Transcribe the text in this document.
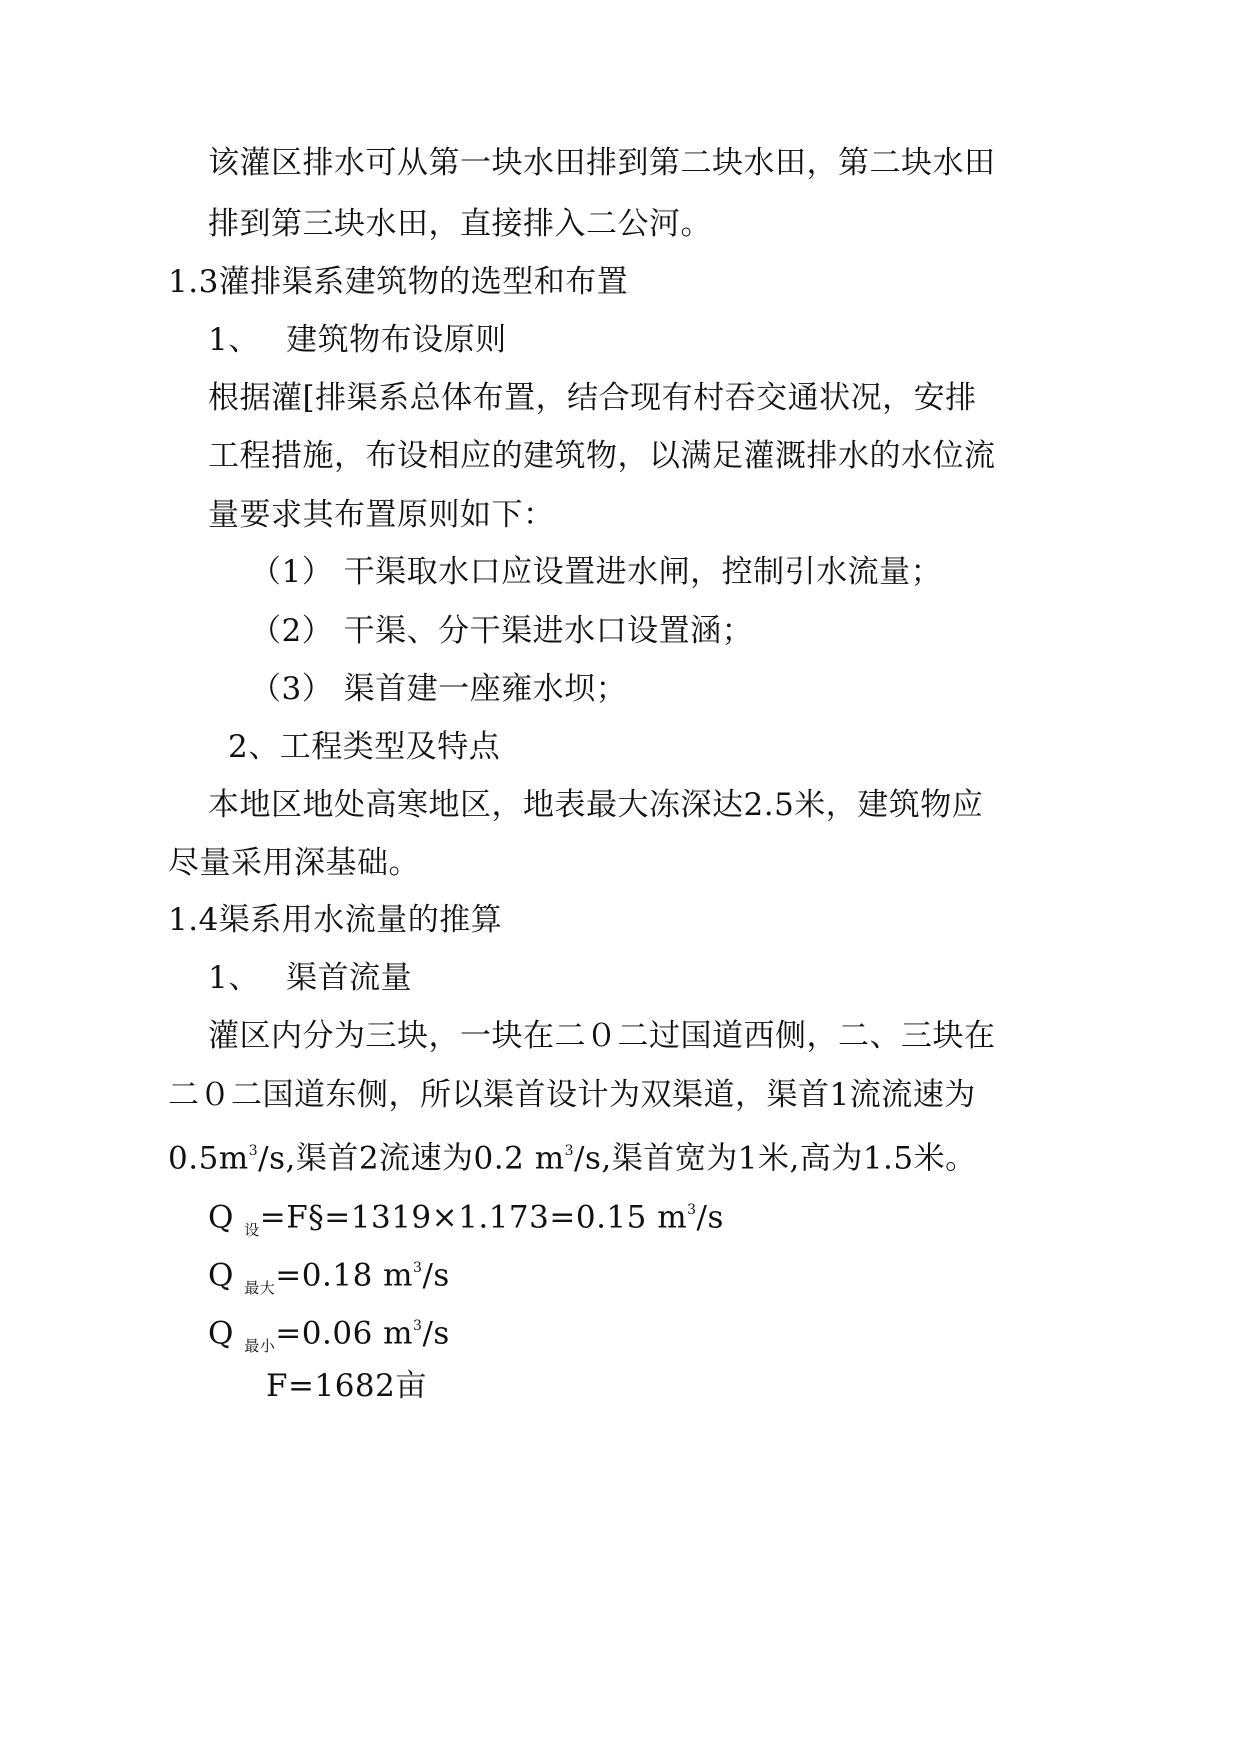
该灌区排水可从第一块水田排到第二块水田，第二块水田
排到第三块水田，直接排入二公河。
1.3灌排渠系建筑物的选型和布置
1、　 建筑物布设原则
根据灌[排渠系总体布置，结合现有村吞交通状况，安排
工程措施，布设相应的建筑物，以满足灌溉排水的水位流
量要求其布置原则如下：
（1） 干渠取水口应设置进水闸，控制引水流量；
（2） 干渠、分干渠进水口设置涵；
（3） 渠首建一座雍水坝；
2、工程类型及特点
本地区地处高寒地区，地表最大冻深达2.5米，建筑物应
尽量采用深基础。
1.4渠系用水流量的推算
1、　 渠首流量
灌区内分为三块，一块在二０二过国道西侧，二、三块在
二０二国道东侧，所以渠首设计为双渠道，渠首1流流速为
$0.5m^3/s$,渠首2流速为0.2 $m^3/s$,渠首宽为1米,高为1.5米。
Q $_设$=F§=1319×1.173=0.15 $m^3/s$
Q $_{最大}$=0.18 $m^3/s$
Q $_{最小}$=0.06 $m^3/s$
F=1682亩
